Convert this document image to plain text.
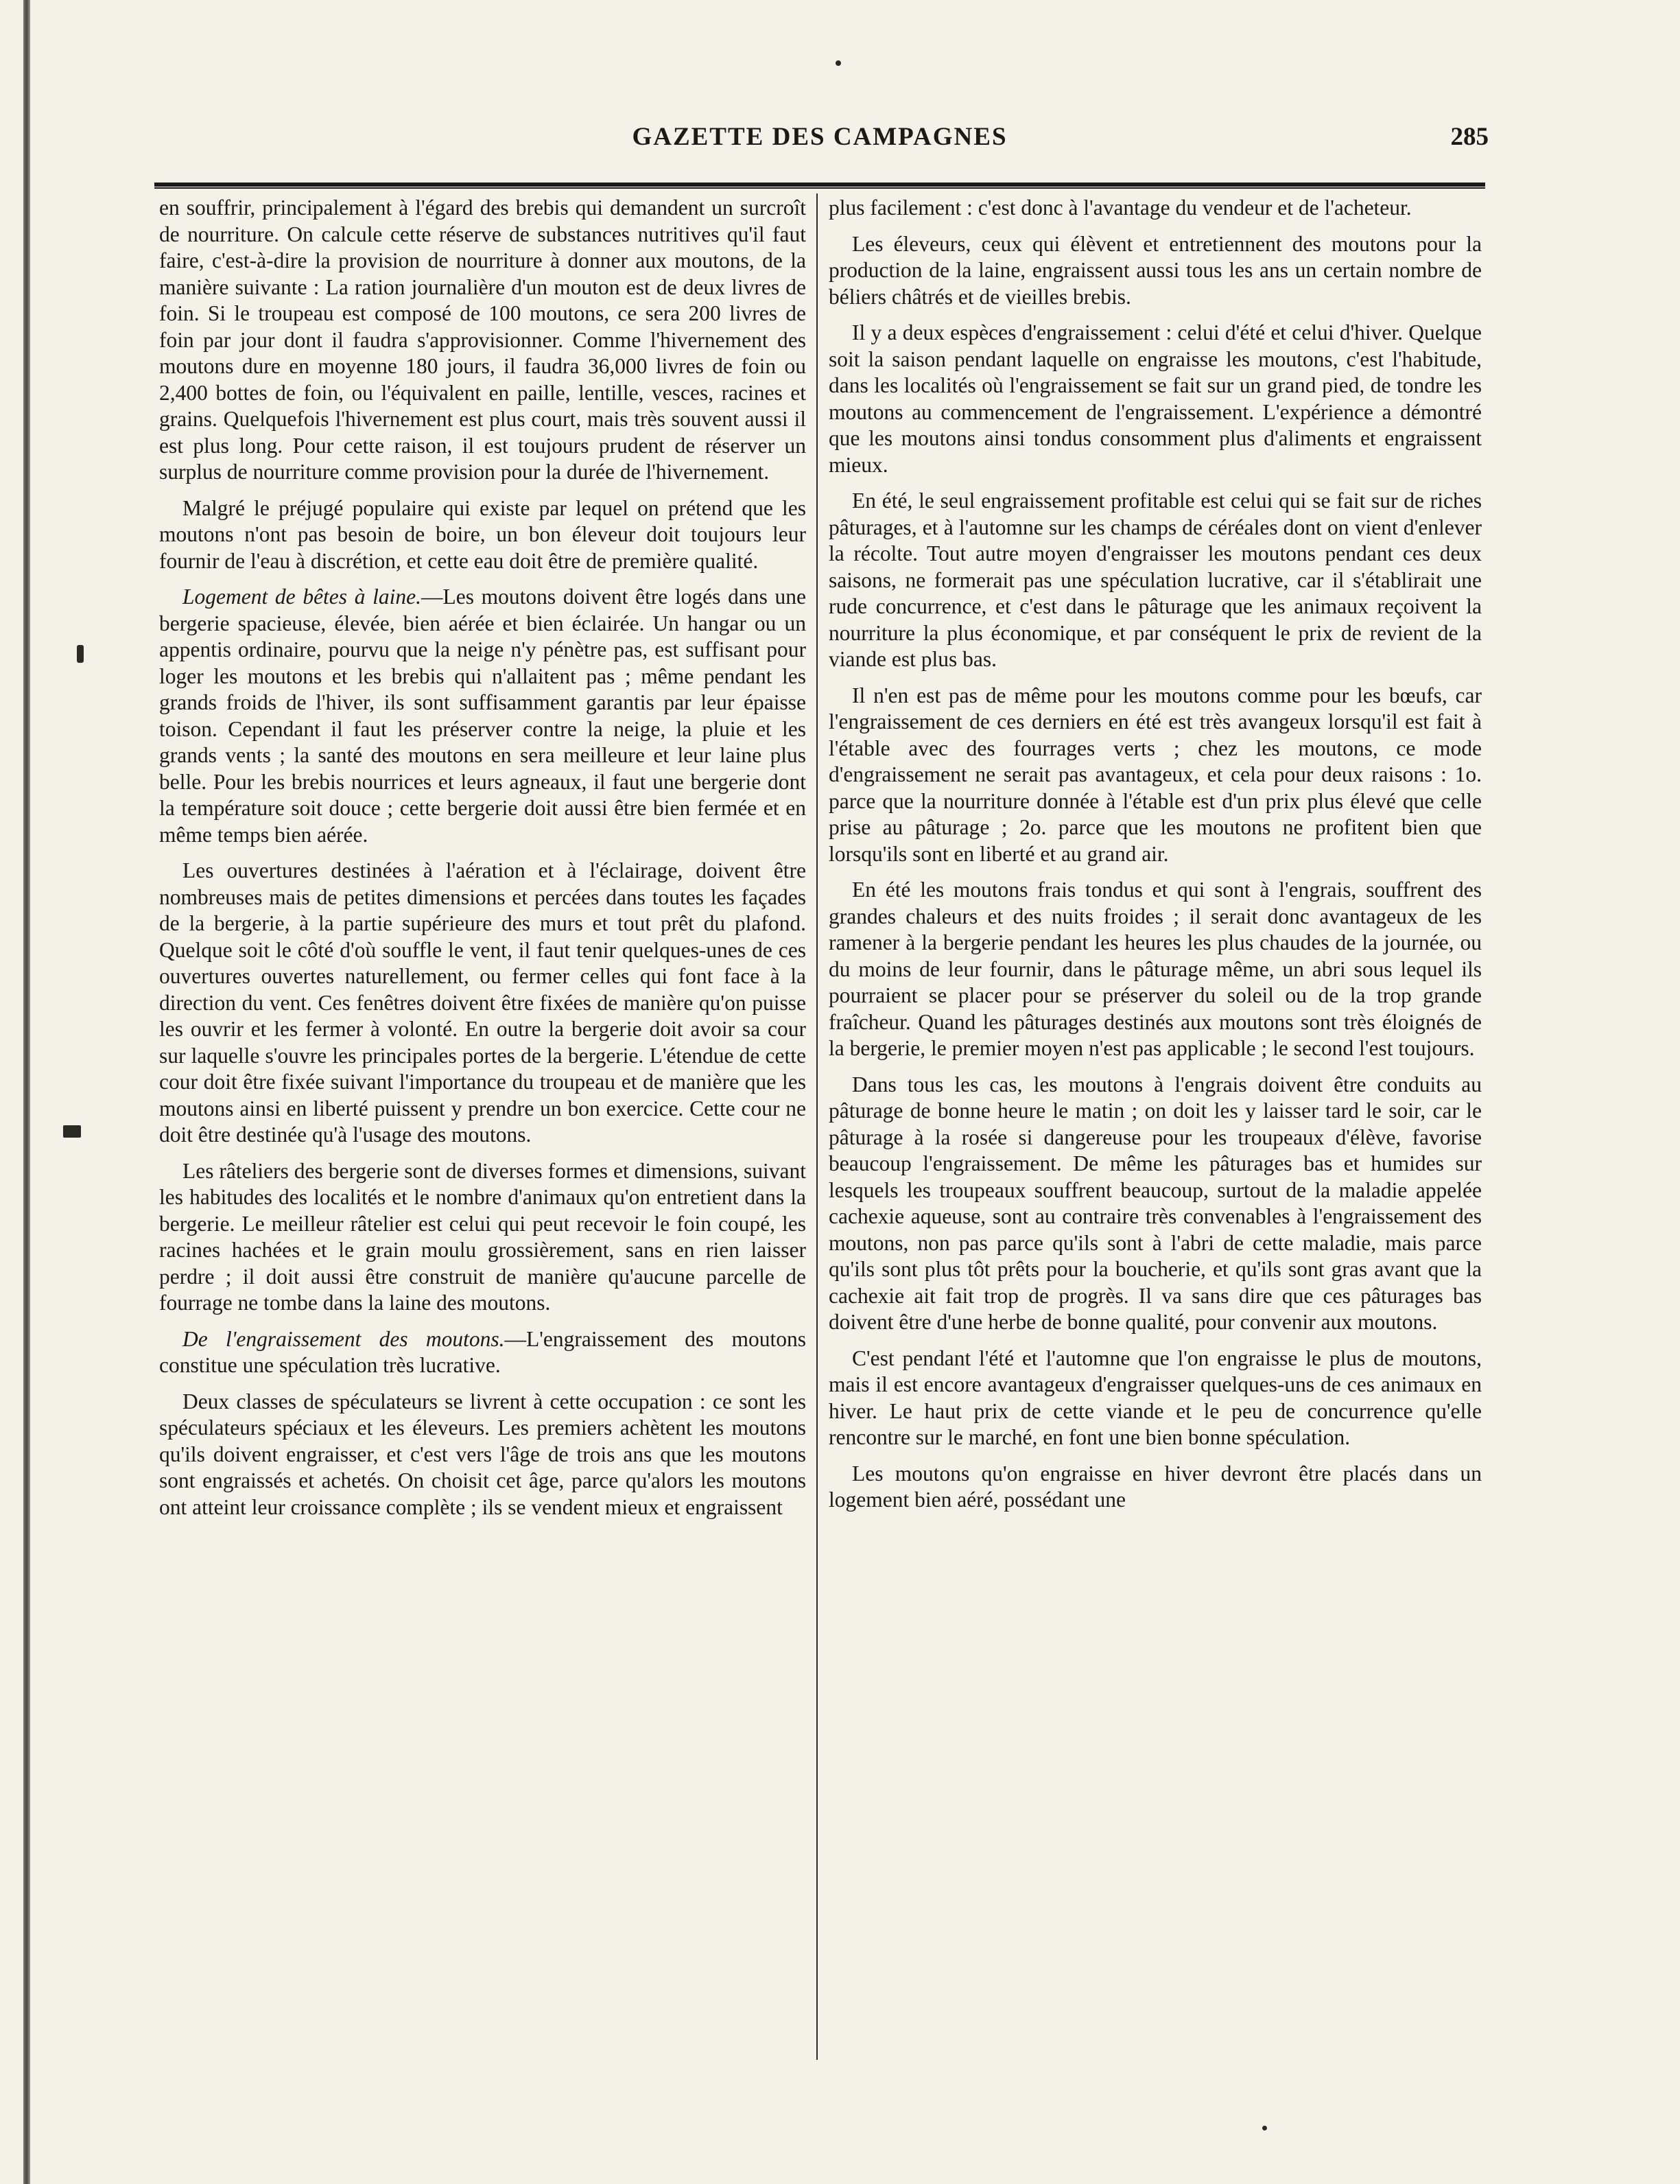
GAZETTE DES CAMPAGNES	285

en souffrir, principalement à l'égard des brebis qui demandent un surcroît de nourriture. On calcule cette réserve de substances nutritives qu'il faut faire, c'est-à-dire la provision de nourriture à donner aux moutons, de la manière suivante : La ration journalière d'un mouton est de deux livres de foin. Si le troupeau est composé de 100 moutons, ce sera 200 livres de foin par jour dont il faudra s'approvisionner. Comme l'hivernement des moutons dure en moyenne 180 jours, il faudra 36,000 livres de foin ou 2,400 bottes de foin, ou l'équivalent en paille, lentille, vesces, racines et grains. Quelquefois l'hivernement est plus court, mais très souvent aussi il est plus long. Pour cette raison, il est toujours prudent de réserver un surplus de nourriture comme provision pour la durée de l'hivernement.

Malgré le préjugé populaire qui existe par lequel on prétend que les moutons n'ont pas besoin de boire, un bon éleveur doit toujours leur fournir de l'eau à discrétion, et cette eau doit être de première qualité.

Logement de bêtes à laine.—Les moutons doivent être logés dans une bergerie spacieuse, élevée, bien aérée et bien éclairée. Un hangar ou un appentis ordinaire, pourvu que la neige n'y pénètre pas, est suffisant pour loger les moutons et les brebis qui n'allaitent pas ; même pendant les grands froids de l'hiver, ils sont suffisamment garantis par leur épaisse toison. Cependant il faut les préserver contre la neige, la pluie et les grands vents ; la santé des moutons en sera meilleure et leur laine plus belle. Pour les brebis nourrices et leurs agneaux, il faut une bergerie dont la température soit douce ; cette bergerie doit aussi être bien fermée et en même temps bien aérée.

Les ouvertures destinées à l'aération et à l'éclairage, doivent être nombreuses mais de petites dimensions et percées dans toutes les façades de la bergerie, à la partie supérieure des murs et tout prêt du plafond. Quelque soit le côté d'où souffle le vent, il faut tenir quelques-unes de ces ouvertures ouvertes naturellement, ou fermer celles qui font face à la direction du vent. Ces fenêtres doivent être fixées de manière qu'on puisse les ouvrir et les fermer à volonté. En outre la bergerie doit avoir sa cour sur laquelle s'ouvre les principales portes de la bergerie. L'étendue de cette cour doit être fixée suivant l'importance du troupeau et de manière que les moutons ainsi en liberté puissent y prendre un bon exercice. Cette cour ne doit être destinée qu'à l'usage des moutons.

Les râteliers des bergerie sont de diverses formes et dimensions, suivant les habitudes des localités et le nombre d'animaux qu'on entretient dans la bergerie. Le meilleur râtelier est celui qui peut recevoir le foin coupé, les racines hachées et le grain moulu grossièrement, sans en rien laisser perdre ; il doit aussi être construit de manière qu'aucune parcelle de fourrage ne tombe dans la laine des moutons.

De l'engraissement des moutons.—L'engraissement des moutons constitue une spéculation très lucrative.

Deux classes de spéculateurs se livrent à cette occupation : ce sont les spéculateurs spéciaux et les éleveurs. Les premiers achètent les moutons qu'ils doivent engraisser, et c'est vers l'âge de trois ans que les moutons sont engraissés et achetés. On choisit cet âge, parce qu'alors les moutons ont atteint leur croissance complète ; ils se vendent mieux et engraissent

plus facilement : c'est donc à l'avantage du vendeur et de l'acheteur.

Les éleveurs, ceux qui élèvent et entretiennent des moutons pour la production de la laine, engraissent aussi tous les ans un certain nombre de béliers châtrés et de vieilles brebis.

Il y a deux espèces d'engraissement : celui d'été et celui d'hiver. Quelque soit la saison pendant laquelle on engraisse les moutons, c'est l'habitude, dans les localités où l'engraissement se fait sur un grand pied, de tondre les moutons au commencement de l'engraissement. L'expérience a démontré que les moutons ainsi tondus consomment plus d'aliments et engraissent mieux.

En été, le seul engraissement profitable est celui qui se fait sur de riches pâturages, et à l'automne sur les champs de céréales dont on vient d'enlever la récolte. Tout autre moyen d'engraisser les moutons pendant ces deux saisons, ne formerait pas une spéculation lucrative, car il s'établirait une rude concurrence, et c'est dans le pâturage que les animaux reçoivent la nourriture la plus économique, et par conséquent le prix de revient de la viande est plus bas.

Il n'en est pas de même pour les moutons comme pour les bœufs, car l'engraissement de ces derniers en été est très avangeux lorsqu'il est fait à l'étable avec des fourrages verts ; chez les moutons, ce mode d'engraissement ne serait pas avantageux, et cela pour deux raisons : 1o. parce que la nourriture donnée à l'étable est d'un prix plus élevé que celle prise au pâturage ; 2o. parce que les moutons ne profitent bien que lorsqu'ils sont en liberté et au grand air.

En été les moutons frais tondus et qui sont à l'engrais, souffrent des grandes chaleurs et des nuits froides ; il serait donc avantageux de les ramener à la bergerie pendant les heures les plus chaudes de la journée, ou du moins de leur fournir, dans le pâturage même, un abri sous lequel ils pourraient se placer pour se préserver du soleil ou de la trop grande fraîcheur. Quand les pâturages destinés aux moutons sont très éloignés de la bergerie, le premier moyen n'est pas applicable ; le second l'est toujours.

Dans tous les cas, les moutons à l'engrais doivent être conduits au pâturage de bonne heure le matin ; on doit les y laisser tard le soir, car le pâturage à la rosée si dangereuse pour les troupeaux d'élève, favorise beaucoup l'engraissement. De même les pâturages bas et humides sur lesquels les troupeaux souffrent beaucoup, surtout de la maladie appelée cachexie aqueuse, sont au contraire très convenables à l'engraissement des moutons, non pas parce qu'ils sont à l'abri de cette maladie, mais parce qu'ils sont plus tôt prêts pour la boucherie, et qu'ils sont gras avant que la cachexie ait fait trop de progrès. Il va sans dire que ces pâturages bas doivent être d'une herbe de bonne qualité, pour convenir aux moutons.

C'est pendant l'été et l'automne que l'on engraisse le plus de moutons, mais il est encore avantageux d'engraisser quelques-uns de ces animaux en hiver. Le haut prix de cette viande et le peu de concurrence qu'elle rencontre sur le marché, en font une bien bonne spéculation.

Les moutons qu'on engraisse en hiver devront être placés dans un logement bien aéré, possédant une
